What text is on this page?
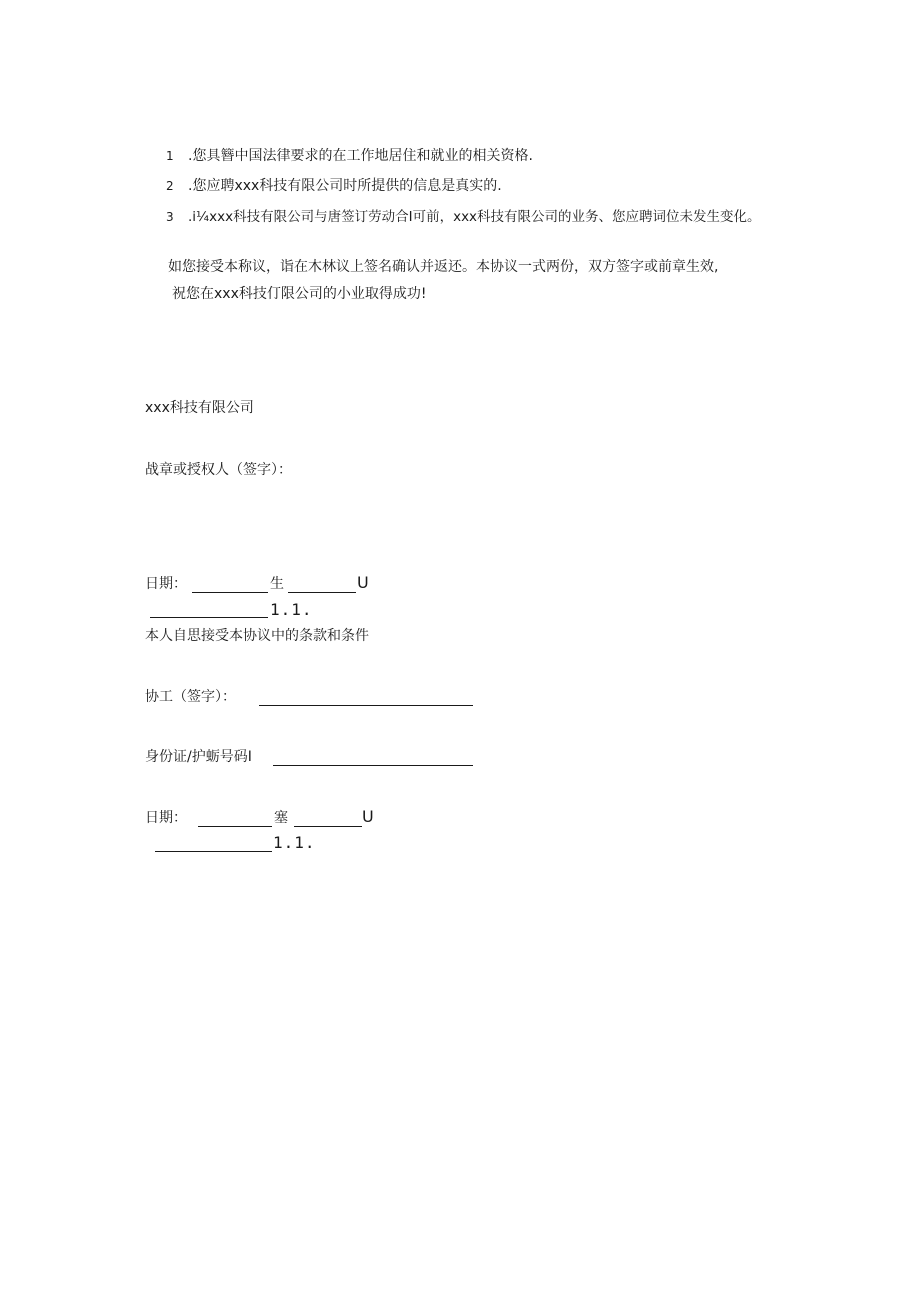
1 .您具簪中国法律要求的在工作地居住和就业的相关资格.
2 .您应聘xxx科技有限公司时所提供的信息是真实的.
3 .i¼xxx科技有限公司与唐签订劳动合I可前，xxx科技有限公司的业务、您应聘词位未发生变化。
如您接受本称议，诣在木林议上签名确认并返还。本协议一式两份，双方签字或前章生效,
祝您在xxx科技仃限公司的小业取得成功!
xxx科技有限公司
战章或授权人（签字）：
日期：	生	U
1.1.
本人自思接受本协议中的条款和条件
协工（签字）：
身份证/护蛎号码I
日期：	塞	U
1.1.
